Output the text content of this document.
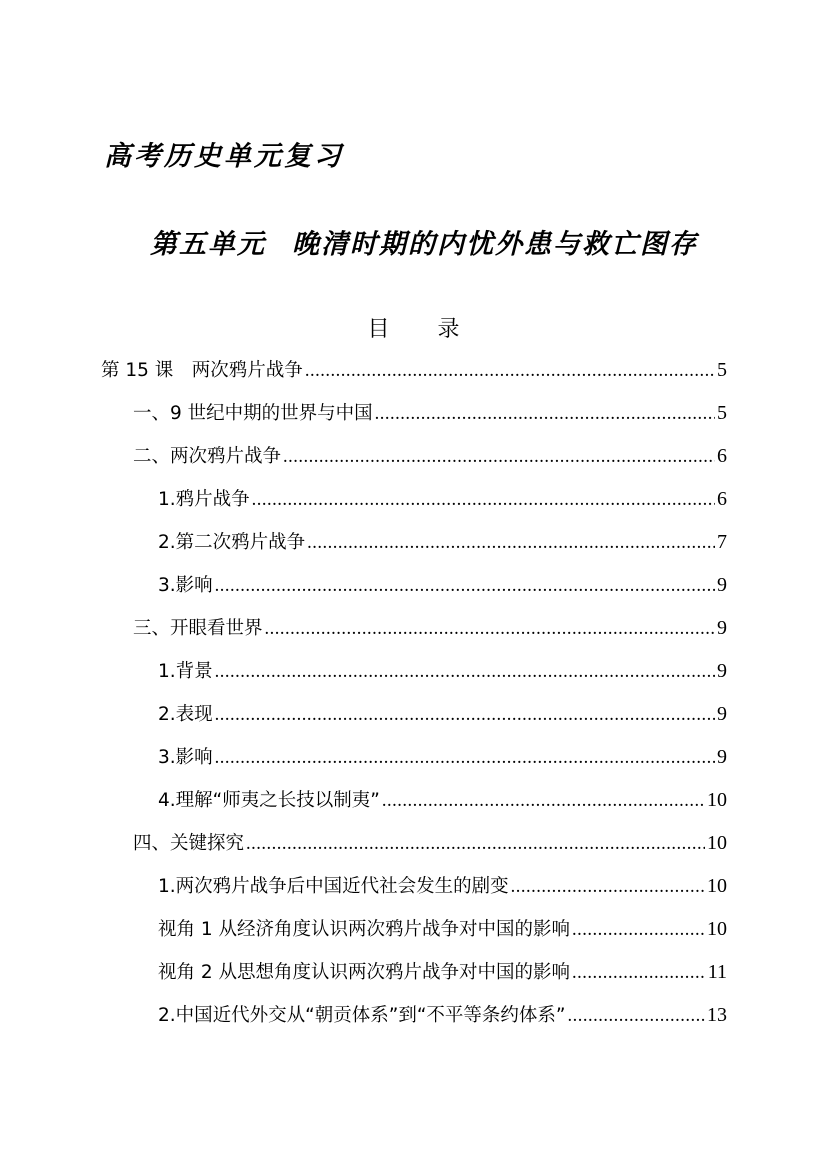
高考历史单元复习
第五单元 晚清时期的内忧外患与救亡图存
目 录
第 15 课　两次鸦片战争 .....	5
一、9 世纪中期的世界与中国 .....	5
二、两次鸦片战争 .....	6
1.鸦片战争 .....	6
2.第二次鸦片战争 .....	7
3.影响 .....	9
三、开眼看世界 .....	9
1.背景 .....	9
2.表现 .....	9
3.影响 .....	9
4.理解“师夷之长技以制夷” .....	10
四、关键探究 .....	10
1.两次鸦片战争后中国近代社会发生的剧变 .....	10
视角 1 从经济角度认识两次鸦片战争对中国的影响 .....	10
视角 2 从思想角度认识两次鸦片战争对中国的影响 .....	11
2.中国近代外交从“朝贡体系”到“不平等条约体系” .....	13
